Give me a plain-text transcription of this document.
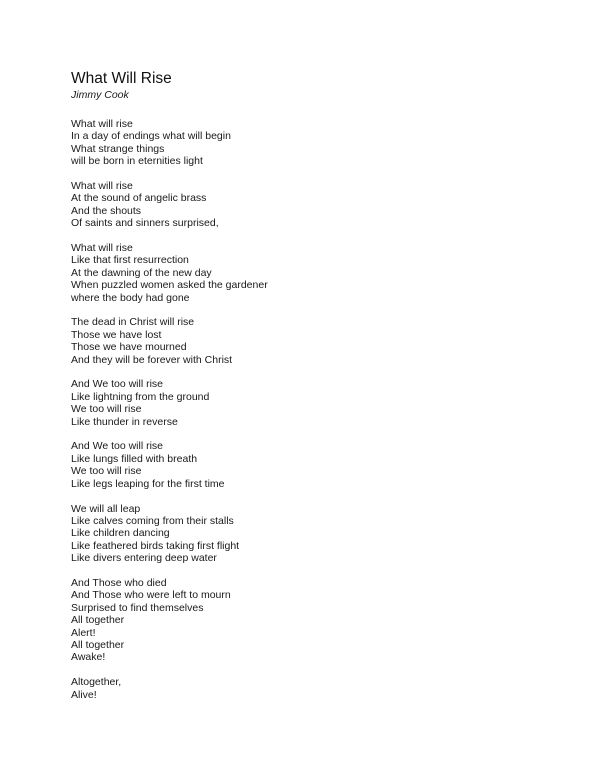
What Will Rise
Jimmy Cook
What will rise
In a day of endings what will begin
What strange things
will be born in eternities light
What will rise
At the sound of angelic brass
And the shouts
Of saints and sinners surprised,
What will rise
Like that first resurrection
At the dawning of the new day
When puzzled women asked the gardener
where the body had gone
The dead in Christ will rise
Those we have lost
Those we have mourned
And they will be forever with Christ
And We too will rise
Like lightning from the ground
We too will rise
Like thunder in reverse
And We too will rise
Like lungs filled with breath
We too will rise
Like legs leaping for the first time
We will all leap
Like calves coming from their stalls
Like children dancing
Like feathered birds taking first flight
Like divers entering deep water
And Those who died
And Those who were left to mourn
Surprised to find themselves
All together
Alert!
All together
Awake!
Altogether,
Alive!
